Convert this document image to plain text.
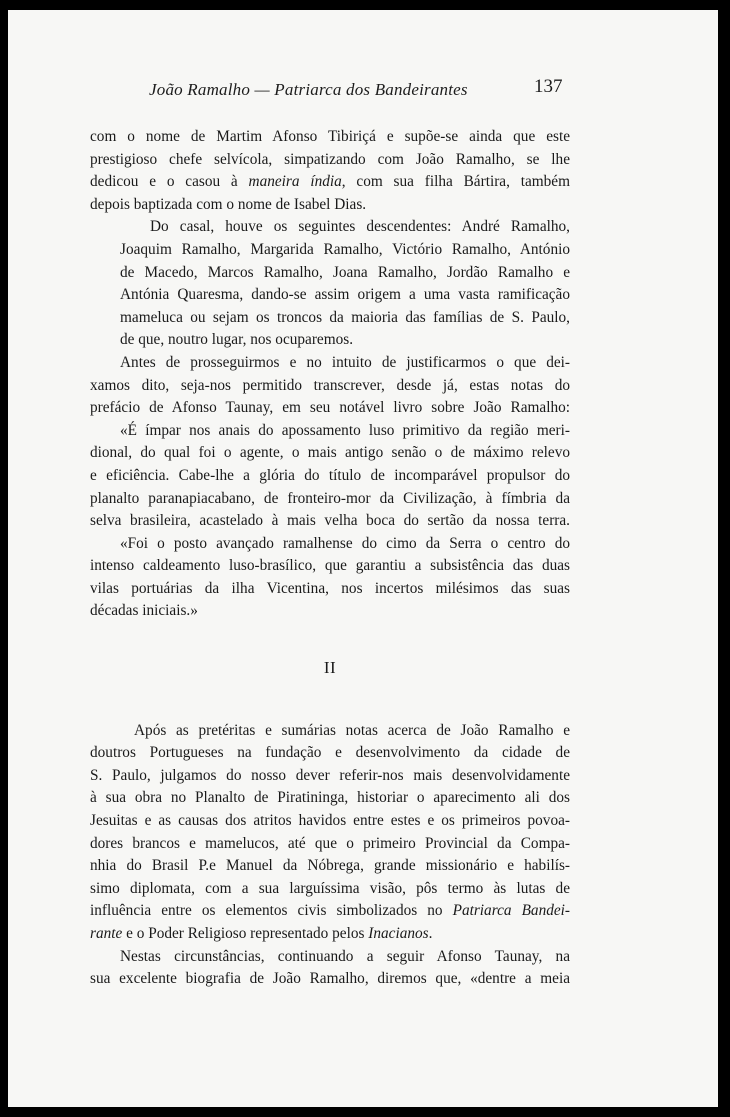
João Ramalho — Patriarca dos Bandeirantes	137

com o nome de Martim Afonso Tibiriçá e supõe-se ainda que este
prestigioso chefe selvícola, simpatizando com João Ramalho, se lhe
dedicou e o casou à maneira índia, com sua filha Bártira, também
depois baptizada com o nome de Isabel Dias.

Do casal, houve os seguintes descendentes: André Ramalho,
Joaquim Ramalho, Margarida Ramalho, Victório Ramalho, António
de Macedo, Marcos Ramalho, Joana Ramalho, Jordão Ramalho e
Antónia Quaresma, dando-se assim origem a uma vasta ramificação
mameluca ou sejam os troncos da maioria das famílias de S. Paulo,
de que, noutro lugar, nos ocuparemos.

Antes de prosseguirmos e no intuito de justificarmos o que dei-
xamos dito, seja-nos permitido transcrever, desde já, estas notas do
prefácio de Afonso Taunay, em seu notável livro sobre João Ramalho:

«É ímpar nos anais do apossamento luso primitivo da região meri-
dional, do qual foi o agente, o mais antigo senão o de máximo relevo
e eficiência. Cabe-lhe a glória do título de incomparável propulsor do
planalto paranapiacabano, de fronteiro-mor da Civilização, à fímbria da
selva brasileira, acastelado à mais velha boca do sertão da nossa terra.

«Foi o posto avançado ramalhense do cimo da Serra o centro do
intenso caldeamento luso-brasílico, que garantiu a subsistência das duas
vilas portuárias da ilha Vicentina, nos incertos milésimos das suas
décadas iniciais.»

II

Após as pretéritas e sumárias notas acerca de João Ramalho e
doutros Portugueses na fundação e desenvolvimento da cidade de
S. Paulo, julgamos do nosso dever referir-nos mais desenvolvidamente
à sua obra no Planalto de Piratininga, historiar o aparecimento ali dos
Jesuitas e as causas dos atritos havidos entre estes e os primeiros povoa-
dores brancos e mamelucos, até que o primeiro Provincial da Compa-
nhia do Brasil P.e Manuel da Nóbrega, grande missionário e habilís-
simo diplomata, com a sua larguíssima visão, pôs termo às lutas de
influência entre os elementos civis simbolizados no Patriarca Bandei-
rante e o Poder Religioso representado pelos Inacianos.

Nestas circunstâncias, continuando a seguir Afonso Taunay, na
sua excelente biografia de João Ramalho, diremos que, «dentre a meia
